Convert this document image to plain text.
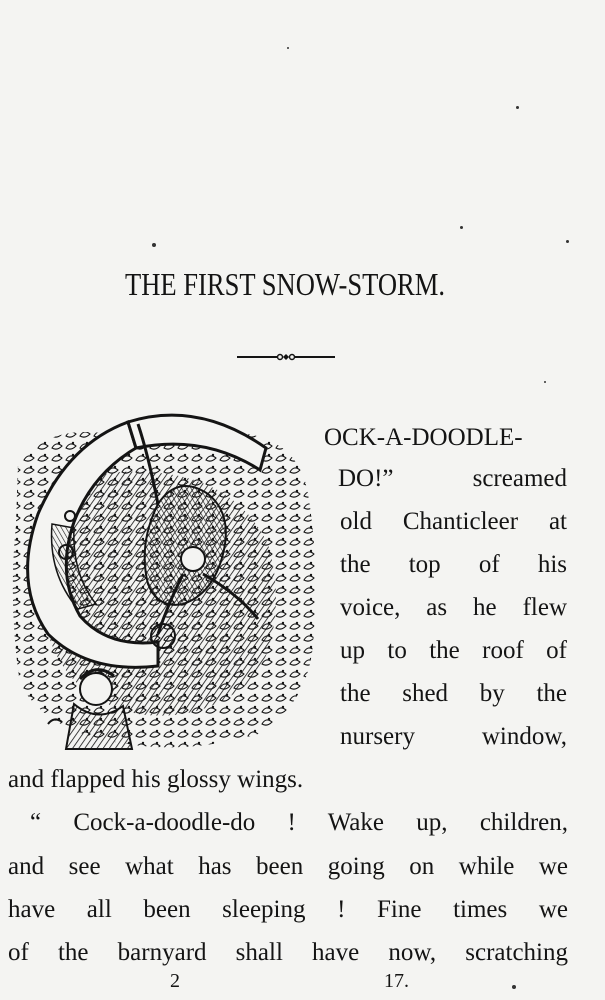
THE FIRST SNOW-STORM.
OCK-A-DOODLE-
DO!” screamed
old Chanticleer at
the top of his
voice, as he flew
up to the roof of
the shed by the
nursery window,
and flapped his glossy wings.
“ Cock-a-doodle-do ! Wake up, children,
and see what has been going on while we
have all been sleeping ! Fine times we
of the barnyard shall have now, scratching
2	17.
